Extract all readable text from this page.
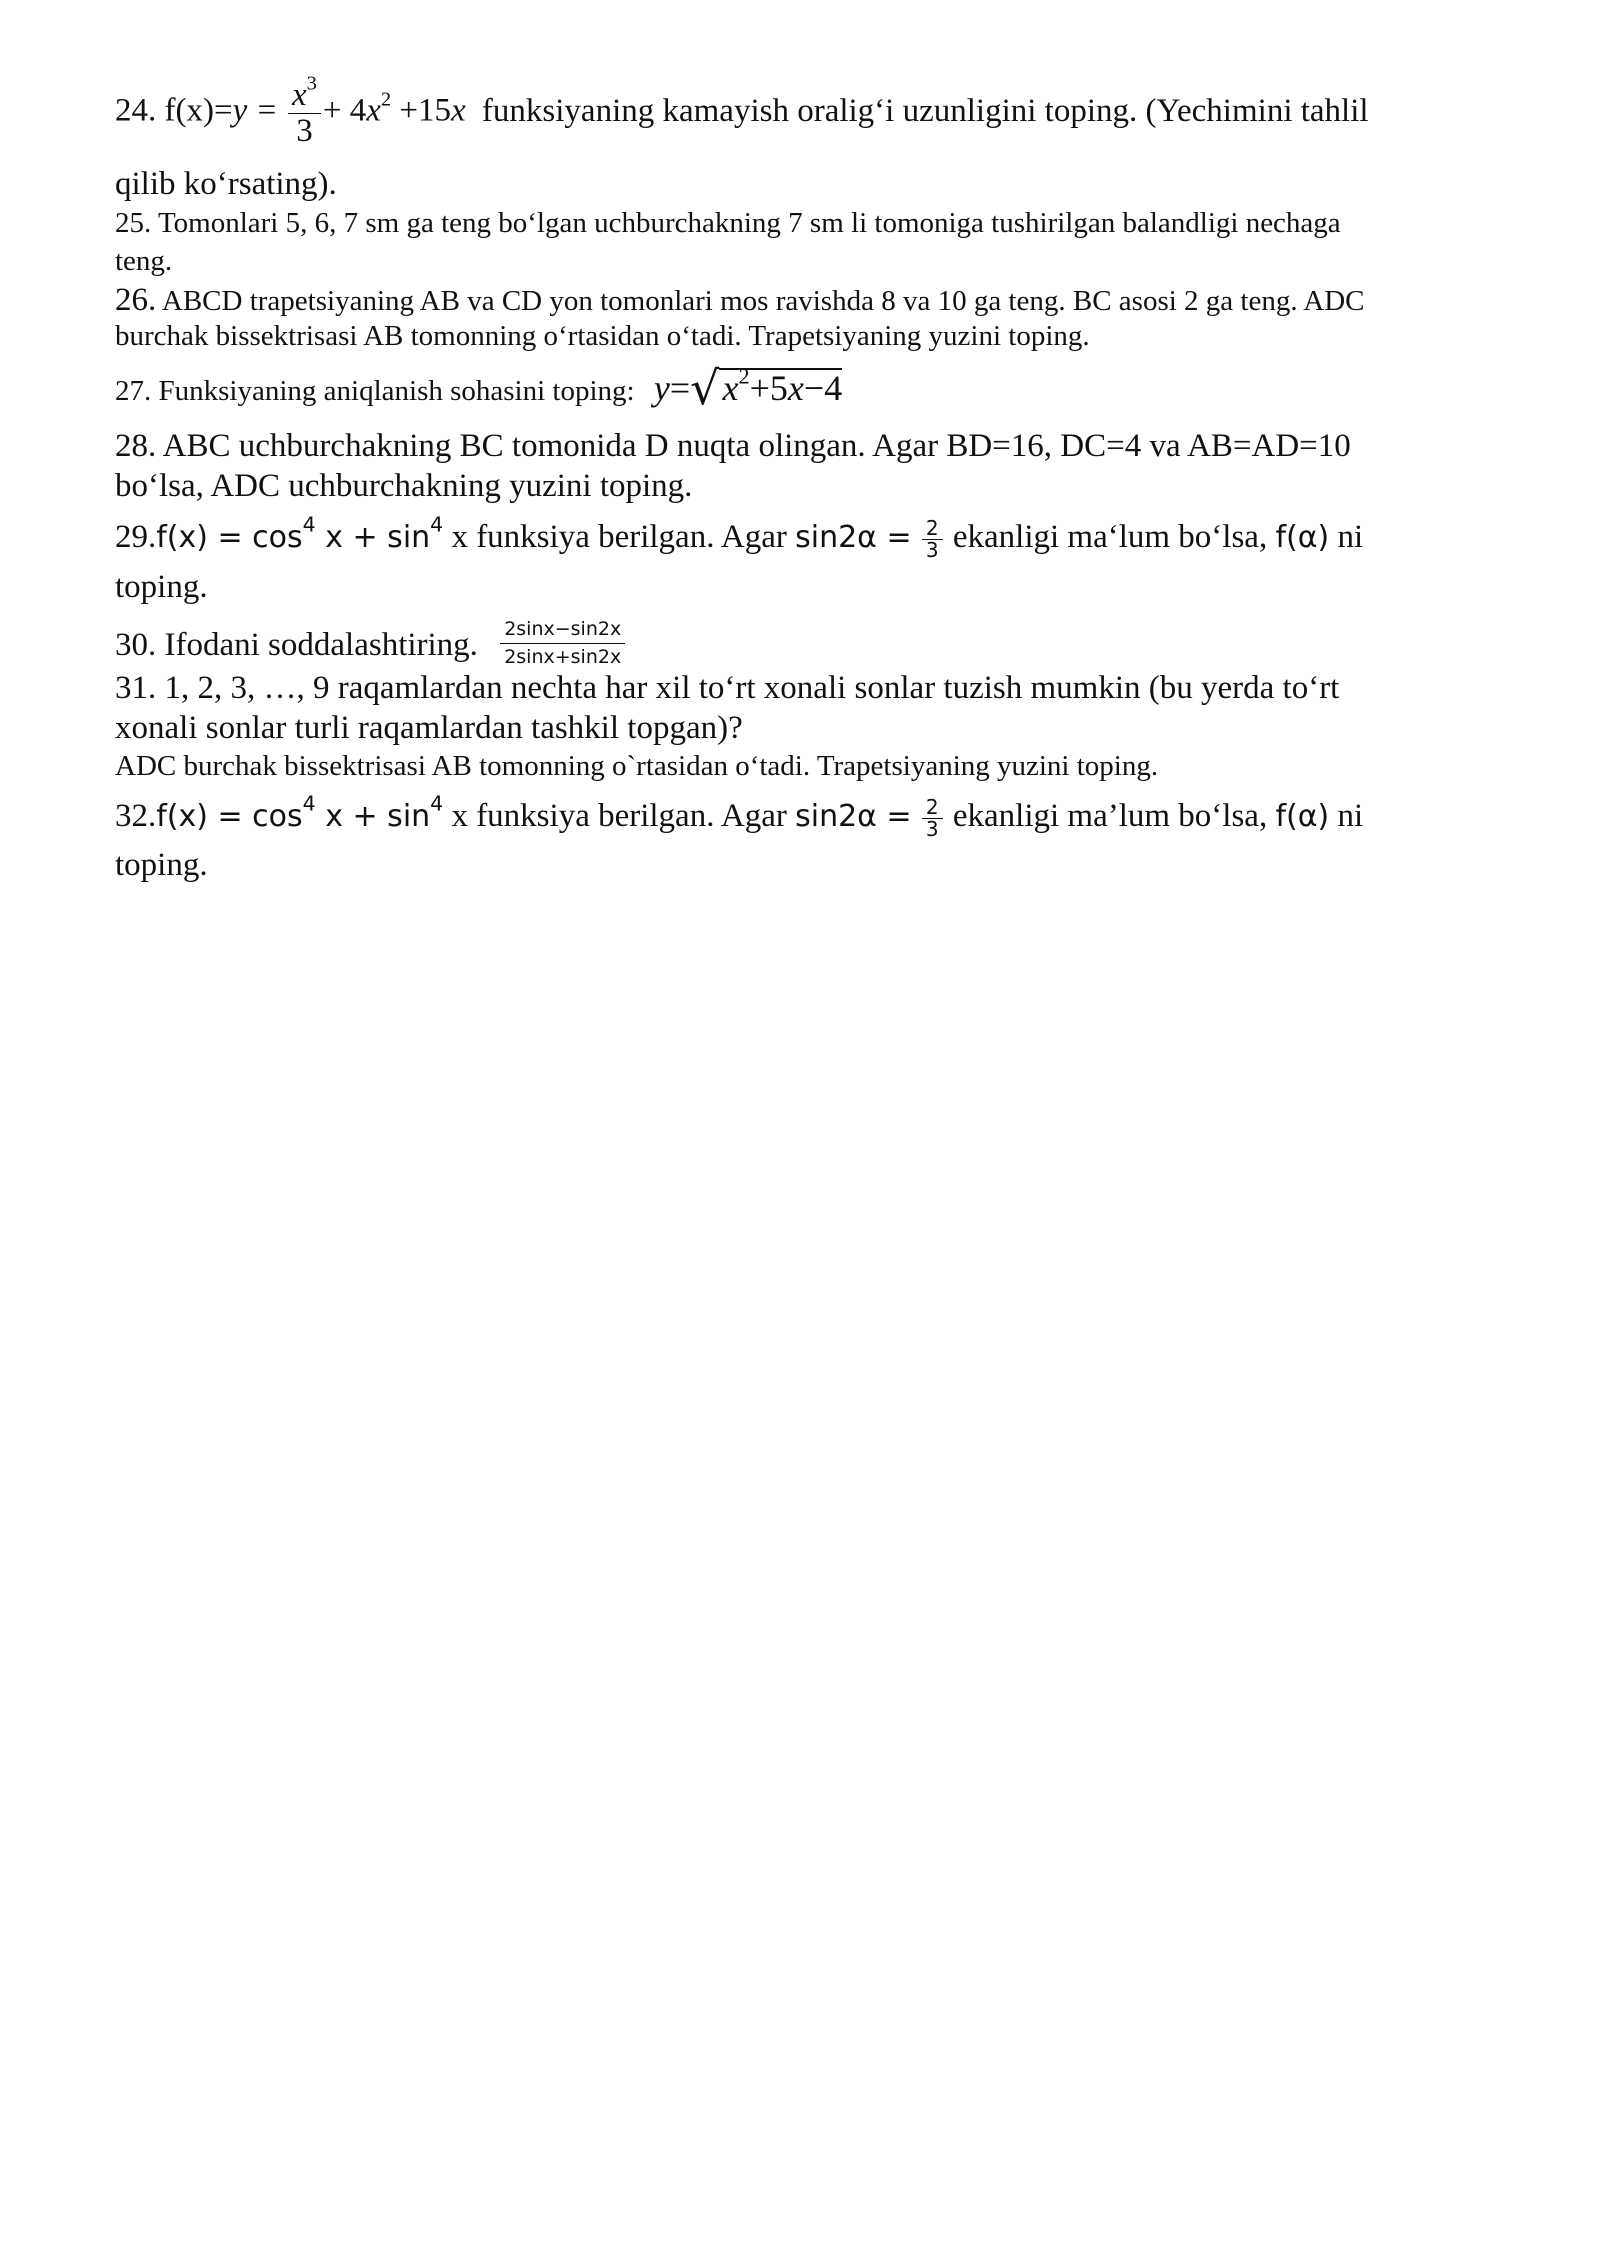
24. $f(x)=y = \frac{x^3}{3} + 4x^2 +15x$ funksiyaning kamayish oralig‘i uzunligini toping. (Yechimini tahlil
qilib ko‘rsating).
25. Tomonlari 5, 6, 7 sm ga teng bo‘lgan uchburchakning 7 sm li tomoniga tushirilgan balandligi nechaga
teng.
26. ABCD trapetsiyaning AB va CD yon tomonlari mos ravishda 8 va 10 ga teng. BC asosi 2 ga teng. ADC
burchak bissektrisasi AB tomonning o‘rtasidan o‘tadi. Trapetsiyaning yuzini toping.
27. Funksiyaning aniqlanish sohasini toping: $y=√x^2+5x-4$
28. ABC uchburchakning BC tomonida D nuqta olingan. Agar BD=16, DC=4 va AB=AD=10
bo‘lsa, ADC uchburchakning yuzini toping.
$29.f(x) = \cos^4 x + \sin^4 x$ funksiya berilgan. Agar $\sin 2\alpha = \frac{2}{3}$ ekanligi ma‘lum bo‘lsa, f(α) ni
toping.
30. Ifodani soddalashtiring. $\frac{2\sin x-\sin 2x}{2\sin x+\sin 2x}$
31. 1, 2, 3, …, 9 raqamlardan nechta har xil to‘rt xonali sonlar tuzish mumkin (bu yerda to‘rt
xonali sonlar turli raqamlardan tashkil topgan)?
ADC burchak bissektrisasi AB tomonning o`rtasidan o‘tadi. Trapetsiyaning yuzini toping.
$32.f(x) = \cos^4 x + \sin^4 x$ funksiya berilgan. Agar $\sin 2\alpha = \frac{2}{3}$ ekanligi ma’lum bo‘lsa, f(α) ni
toping.
